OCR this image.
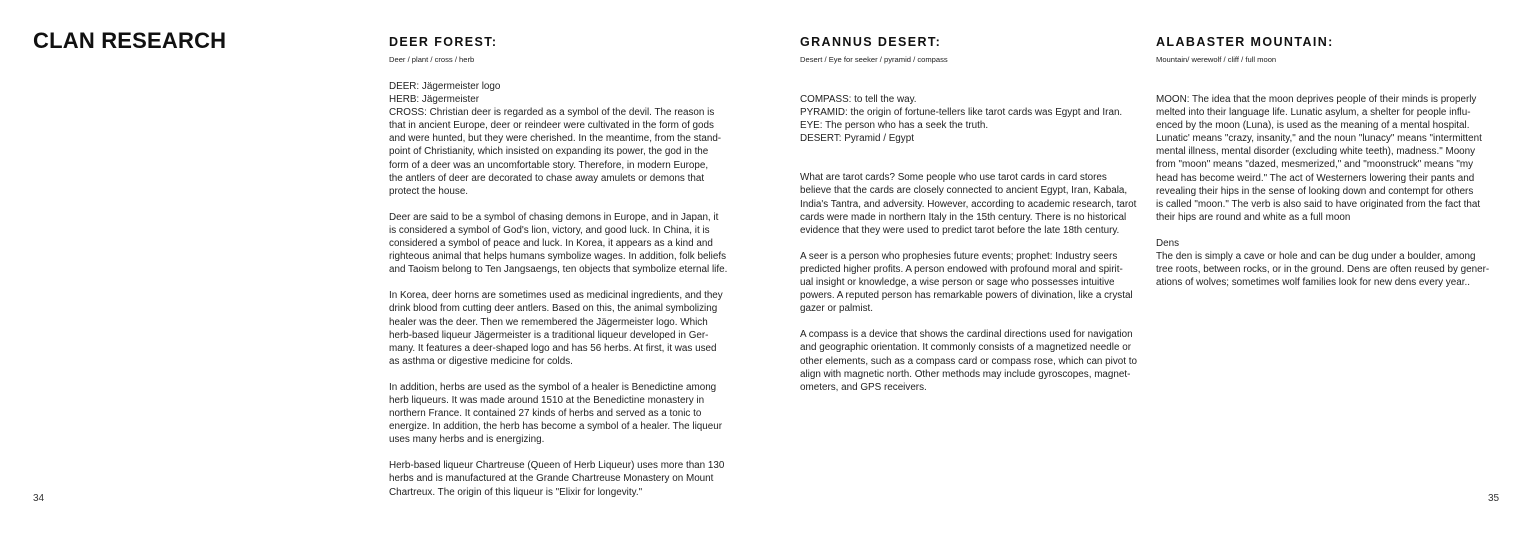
CLAN RESEARCH	DEER FOREST:
Deer / plant / cross / herb

DEER: Jägermeister logo
HERB: Jägermeister
CROSS: Christian deer is regarded as a symbol of the devil. The reason is
that in ancient Europe, deer or reindeer were cultivated in the form of gods
and were hunted, but they were cherished. In the meantime, from the stand-
point of Christianity, which insisted on expanding its power, the god in the
form of a deer was an uncomfortable story. Therefore, in modern Europe,
the antlers of deer are decorated to chase away amulets or demons that
protect the house.

Deer are said to be a symbol of chasing demons in Europe, and in Japan, it
is considered a symbol of God's lion, victory, and good luck. In China, it is
considered a symbol of peace and luck. In Korea, it appears as a kind and
righteous animal that helps humans symbolize wages. In addition, folk beliefs
and Taoism belong to Ten Jangsaengs, ten objects that symbolize eternal life.

In Korea, deer horns are sometimes used as medicinal ingredients, and they
drink blood from cutting deer antlers. Based on this, the animal symbolizing
healer was the deer. Then we remembered the Jägermeister logo. Which
herb-based liqueur Jägermeister is a traditional liqueur developed in Ger-
many. It features a deer-shaped logo and has 56 herbs. At first, it was used
as asthma or digestive medicine for colds.

In addition, herbs are used as the symbol of a healer is Benedictine among
herb liqueurs. It was made around 1510 at the Benedictine monastery in
northern France. It contained 27 kinds of herbs and served as a tonic to
energize. In addition, the herb has become a symbol of a healer. The liqueur
uses many herbs and is energizing.

Herb-based liqueur Chartreuse (Queen of Herb Liqueur) uses more than 130
herbs and is manufactured at the Grande Chartreuse Monastery on Mount
Chartreux. The origin of this liqueur is "Elixir for longevity."

GRANNUS DESERT:
Desert / Eye for seeker / pyramid / compass

COMPASS: to tell the way.
PYRAMID: the origin of fortune-tellers like tarot cards was Egypt and Iran.
EYE: The person who has a seek the truth.
DESERT: Pyramid / Egypt

What are tarot cards? Some people who use tarot cards in card stores
believe that the cards are closely connected to ancient Egypt, Iran, Kabala,
India's Tantra, and adversity. However, according to academic research, tarot
cards were made in northern Italy in the 15th century. There is no historical
evidence that they were used to predict tarot before the late 18th century.

A seer is a person who prophesies future events; prophet: Industry seers
predicted higher profits. A person endowed with profound moral and spirit-
ual insight or knowledge, a wise person or sage who possesses intuitive
powers. A reputed person has remarkable powers of divination, like a crystal
gazer or palmist.

A compass is a device that shows the cardinal directions used for navigation
and geographic orientation. It commonly consists of a magnetized needle or
other elements, such as a compass card or compass rose, which can pivot to
align with magnetic north. Other methods may include gyroscopes, magnet-
ometers, and GPS receivers.

ALABASTER MOUNTAIN:
Mountain/ werewolf / cliff / full moon

MOON: The idea that the moon deprives people of their minds is properly
melted into their language life. Lunatic asylum, a shelter for people influ-
enced by the moon (Luna), is used as the meaning of a mental hospital.
Lunatic' means "crazy, insanity," and the noun "lunacy" means "intermittent
mental illness, mental disorder (excluding white teeth), madness." Moony
from "moon" means "dazed, mesmerized," and "moonstruck" means "my
head has become weird." The act of Westerners lowering their pants and
revealing their hips in the sense of looking down and contempt for others
is called "moon." The verb is also said to have originated from the fact that
their hips are round and white as a full moon

Dens
The den is simply a cave or hole and can be dug under a boulder, among
tree roots, between rocks, or in the ground. Dens are often reused by gener-
ations of wolves; sometimes wolf families look for new dens every year..

34	35
